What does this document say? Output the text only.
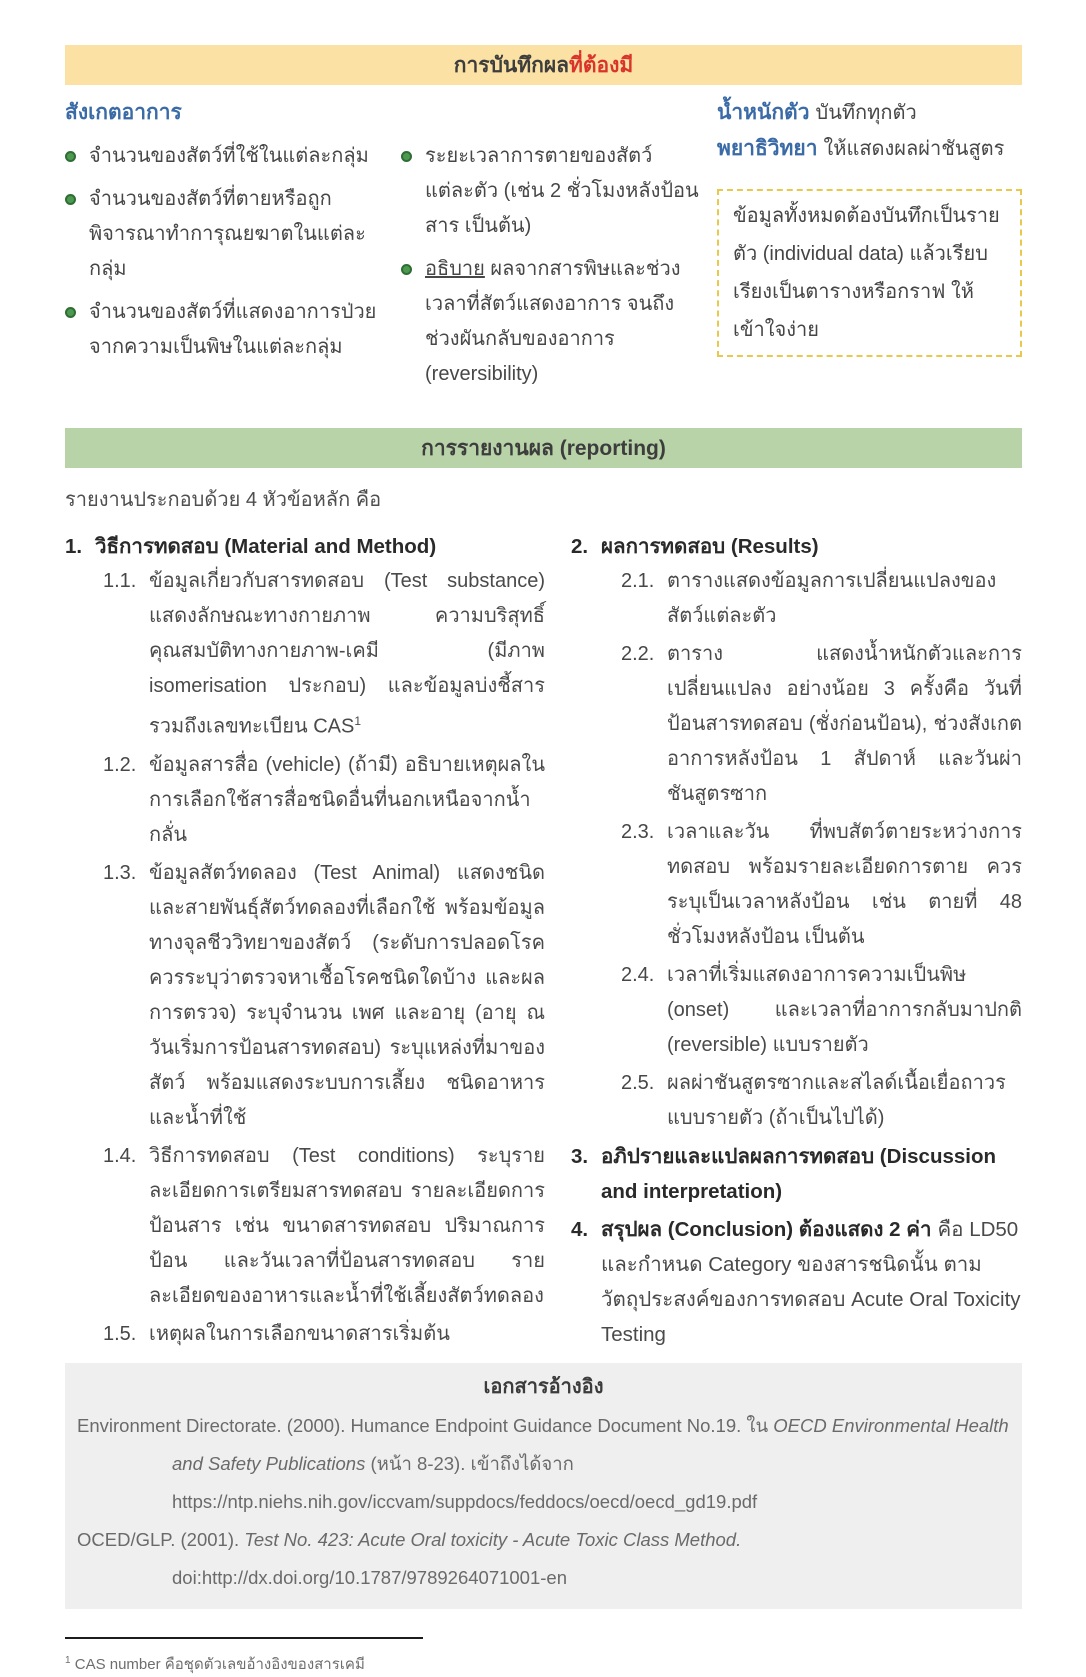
การบันทึกผลที่ต้องมี
สังเกตอาการ
จำนวนของสัตว์ที่ใช้ในแต่ละกลุ่ม
จำนวนของสัตว์ที่ตายหรือถูกพิจารณาทำการุณยฆาตในแต่ละกลุ่ม
จำนวนของสัตว์ที่แสดงอาการป่วยจากความเป็นพิษในแต่ละกลุ่ม
ระยะเวลาการตายของสัตว์แต่ละตัว (เช่น 2 ชั่วโมงหลังป้อนสาร เป็นต้น)
อธิบาย ผลจากสารพิษและช่วงเวลาที่สัตว์แสดงอาการ จนถึงช่วงผันกลับของอาการ (reversibility)
น้ำหนักตัว บันทึกทุกตัว
พยาธิวิทยา ให้แสดงผลผ่าชันสูตร
ข้อมูลทั้งหมดต้องบันทึกเป็นรายตัว (individual data) แล้วเรียบเรียงเป็นตารางหรือกราฟ ให้เข้าใจง่าย
การรายงานผล (reporting)

รายงานประกอบด้วย 4 หัวข้อหลัก คือ

1. วิธีการทดสอบ (Material and Method)
1.1. ข้อมูลเกี่ยวกับสารทดสอบ (Test substance) แสดงลักษณะทางกายภาพ ความบริสุทธิ์ คุณสมบัติทางกายภาพ-เคมี (มีภาพ isomerisation ประกอบ) และข้อมูลบ่งชี้สาร รวมถึงเลขทะเบียน CAS$^1$
1.2. ข้อมูลสารสื่อ (vehicle) (ถ้ามี) อธิบายเหตุผลในการเลือกใช้สารสื่อชนิดอื่นที่นอกเหนือจากน้ำกลั่น
1.3. ข้อมูลสัตว์ทดลอง (Test Animal) แสดงชนิดและสายพันธุ์สัตว์ทดลองที่เลือกใช้ พร้อมข้อมูลทางจุลชีววิทยาของสัตว์ (ระดับการปลอดโรค ควรระบุว่าตรวจหาเชื้อโรคชนิดใดบ้าง และผลการตรวจ) ระบุจำนวน เพศ และอายุ (อายุ ณ วันเริ่มการป้อนสารทดสอบ) ระบุแหล่งที่มาของสัตว์ พร้อมแสดงระบบการเลี้ยง ชนิดอาหารและน้ำที่ใช้
1.4. วิธีการทดสอบ (Test conditions) ระบุรายละเอียดการเตรียมสารทดสอบ รายละเอียดการป้อนสาร เช่น ขนาดสารทดสอบ ปริมาณการป้อน และวันเวลาที่ป้อนสารทดสอบ รายละเอียดของอาหารและน้ำที่ใช้เลี้ยงสัตว์ทดลอง
1.5. เหตุผลในการเลือกขนาดสารเริ่มต้น
2. ผลการทดสอบ (Results)
2.1. ตารางแสดงข้อมูลการเปลี่ยนแปลงของสัตว์แต่ละตัว
2.2. ตาราง แสดงน้ำหนักตัวและการเปลี่ยนแปลง อย่างน้อย 3 ครั้งคือ วันที่ป้อนสารทดสอบ (ชั่งก่อนป้อน), ช่วงสังเกตอาการหลังป้อน 1 สัปดาห์ และวันผ่าชันสูตรซาก
2.3. เวลาและวัน ที่พบสัตว์ตายระหว่างการทดสอบ พร้อมรายละเอียดการตาย ควรระบุเป็นเวลาหลังป้อน เช่น ตายที่ 48 ชั่วโมงหลังป้อน เป็นต้น
2.4. เวลาที่เริ่มแสดงอาการความเป็นพิษ (onset) และเวลาที่อาการกลับมาปกติ (reversible) แบบรายตัว
2.5. ผลผ่าชันสูตรซากและสไลด์เนื้อเยื่อถาวร แบบรายตัว (ถ้าเป็นไปได้)
3. อภิปรายและแปลผลการทดสอบ (Discussion and interpretation)
4. สรุปผล (Conclusion) ต้องแสดง 2 ค่า คือ LD50 และกำหนด Category ของสารชนิดนั้น ตามวัตถุประสงค์ของการทดสอบ Acute Oral Toxicity Testing
เอกสารอ้างอิง

Environment Directorate. (2000). Humance Endpoint Guidance Document No.19. ใน OECD Environmental Health and Safety Publications (หน้า 8-23). เข้าถึงได้จาก https://ntp.niehs.nih.gov/iccvam/suppdocs/feddocs/oecd/oecd_gd19.pdf

OCED/GLP. (2001). Test No. 423: Acute Oral toxicity - Acute Toxic Class Method.

doi:http://dx.doi.org/10.1787/9789264071001-en

$^1$ CAS number คือชุดตัวเลขอ้างอิงของสารเคมี
